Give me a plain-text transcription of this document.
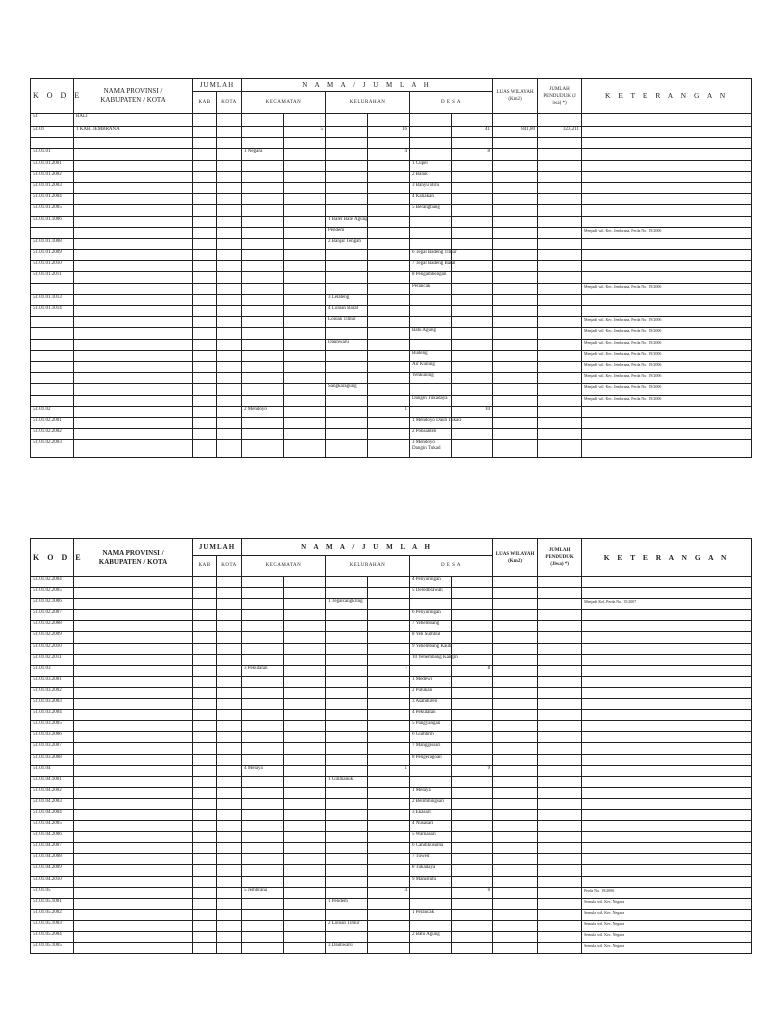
K O D E	NAMA PROVINSI /
KABUPATEN / KOTA	JUMLAH		N A M A / J U M L A H						LUAS WILAYAH (Km2)	JUMLAH PENDUDUK (J iwa) *)	K E T E R A N G A N
		KAB	KOTA	KECAMATAN		KELURAHAN		D E S A				
51	BALI											
51.01	1 KAB. JEMBRANA				5		16		41	841,80	323.211	

51.01.01				1 Negara			4		8			
51.01.01.2001								1 Cupel				
51.01.01.2002								2 Baluk				
51.01.01.2003								3 Banyu Biru				
51.01.01.2004								4 Kaliakah				
51.01.01.2005								5 Berangbang				
51.01.01.1006						1 Baler Bale Agung						
						Pendem						Menjadi wil. Kec. Jembrana, Perda No. 19/2006
51.01.01.1008						2 Banjar Tengah						
51.01.01.2009								6 Tegal Badeng Timur				
51.01.01.2010								7 Tegal Badeng Barat				
51.01.01.2011								8 Pengambengan				
								Perancak				Menjadi wil. Kec. Jembrana, Perda No. 19/2006
51.01.01.1013						3 Lelateng						
51.01.01.1014						4 Loloan Barat						
						Loloan Timur						Menjadi wil. Kec. Jembrana, Perda No. 19/2006
								Batu Agung				Menjadi wil. Kec. Jembrana, Perda No. 19/2006
						Dauhwaru						Menjadi wil. Kec. Jembrana, Perda No. 19/2006
								Budeng				Menjadi wil. Kec. Jembrana, Perda No. 19/2006
								Air Kuning				Menjadi wil. Kec. Jembrana, Perda No. 19/2006
								Yehkuning				Menjadi wil. Kec. Jembrana, Perda No. 19/2006
						Sangkaragung						Menjadi wil. Kec. Jembrana, Perda No. 19/2006
								Dangin Tukadaya				Menjadi wil. Kec. Jembrana, Perda No. 19/2006
51.01.02				2 Mendoyo			1		10			
51.01.02.2001								1 Mendoyo Dauh Tukad				
51.01.02.2002								2 Pohsanten				
51.01.02.2003								3 Mendoyo Dangin Tukad				
K O D E	NAMA PROVINSI /
KABUPATEN / KOTA	JUMLAH		N A M A / J U M L A H						LUAS WILAYAH (Km2)	JUMLAH PENDUDUK (Jiwa) *)	K E T E R A N G A N
		KAB	KOTA	KECAMATAN		KELURAHAN		D E S A				
51.01.02.2004								4 Penyaringan				
51.01.02.2005								5 Delodbrawah				
51.01.02.1006						1 Tegalcangkring						Menjadi Kel. Perda No. 15/2007
51.01.02.2007								6 Penyaringan				
51.01.02.2008								7 Yehembang				
51.01.02.2009								8 Yeh Sumbul				
51.01.02.2010								9 Yehembang Kauh				
51.01.02.2011								10 Yehembang Kangin				
51.01.03				3 Pekutatan			-		8			
51.01.03.2001								1 Medewi				
51.01.03.2002								2 Pulukan				
51.01.03.2003								3 Asahduren				
51.01.03.2004								4 Pekutatan				
51.01.03.2005								5 Pangyangan				
51.01.03.2006								6 Gumbrih				
51.01.03.2007								7 Manggissari				
51.01.03.2008								8 Pengeragoan				
51.01.04				4 Melaya			1		9			
51.01.04.1001						1 Gilimanuk						
51.01.04.2002								1 Melaya				
51.01.04.2003								2 Belimbingsari				
51.01.04.2004								3 Ekasari				
51.01.04.2005								4 Nusasari				
51.01.04.2006								5 Warnasari				
51.01.04.2007								6 Candikusuma				
51.01.04.2008								7 Tuwed				
51.01.04.2009								8 Tukadaya				
51.01.04.2010								9 Manistutu				
51.01.05				5 Jembrana			4		6			Perda No. 19/2006
51.01.05.1001						1 Pendem						Semula wil. Kec. Negara
51.01.05.2002								1 Perancak				Semula wil. Kec. Negara
51.01.05.1003						2 Loloan Timur						Semula wil. Kec. Negara
51.01.05.2004								2 Batu Agung				Semula wil. Kec. Negara
51.01.05.1005						3 Dauhwaru						Semula wil. Kec. Negara
